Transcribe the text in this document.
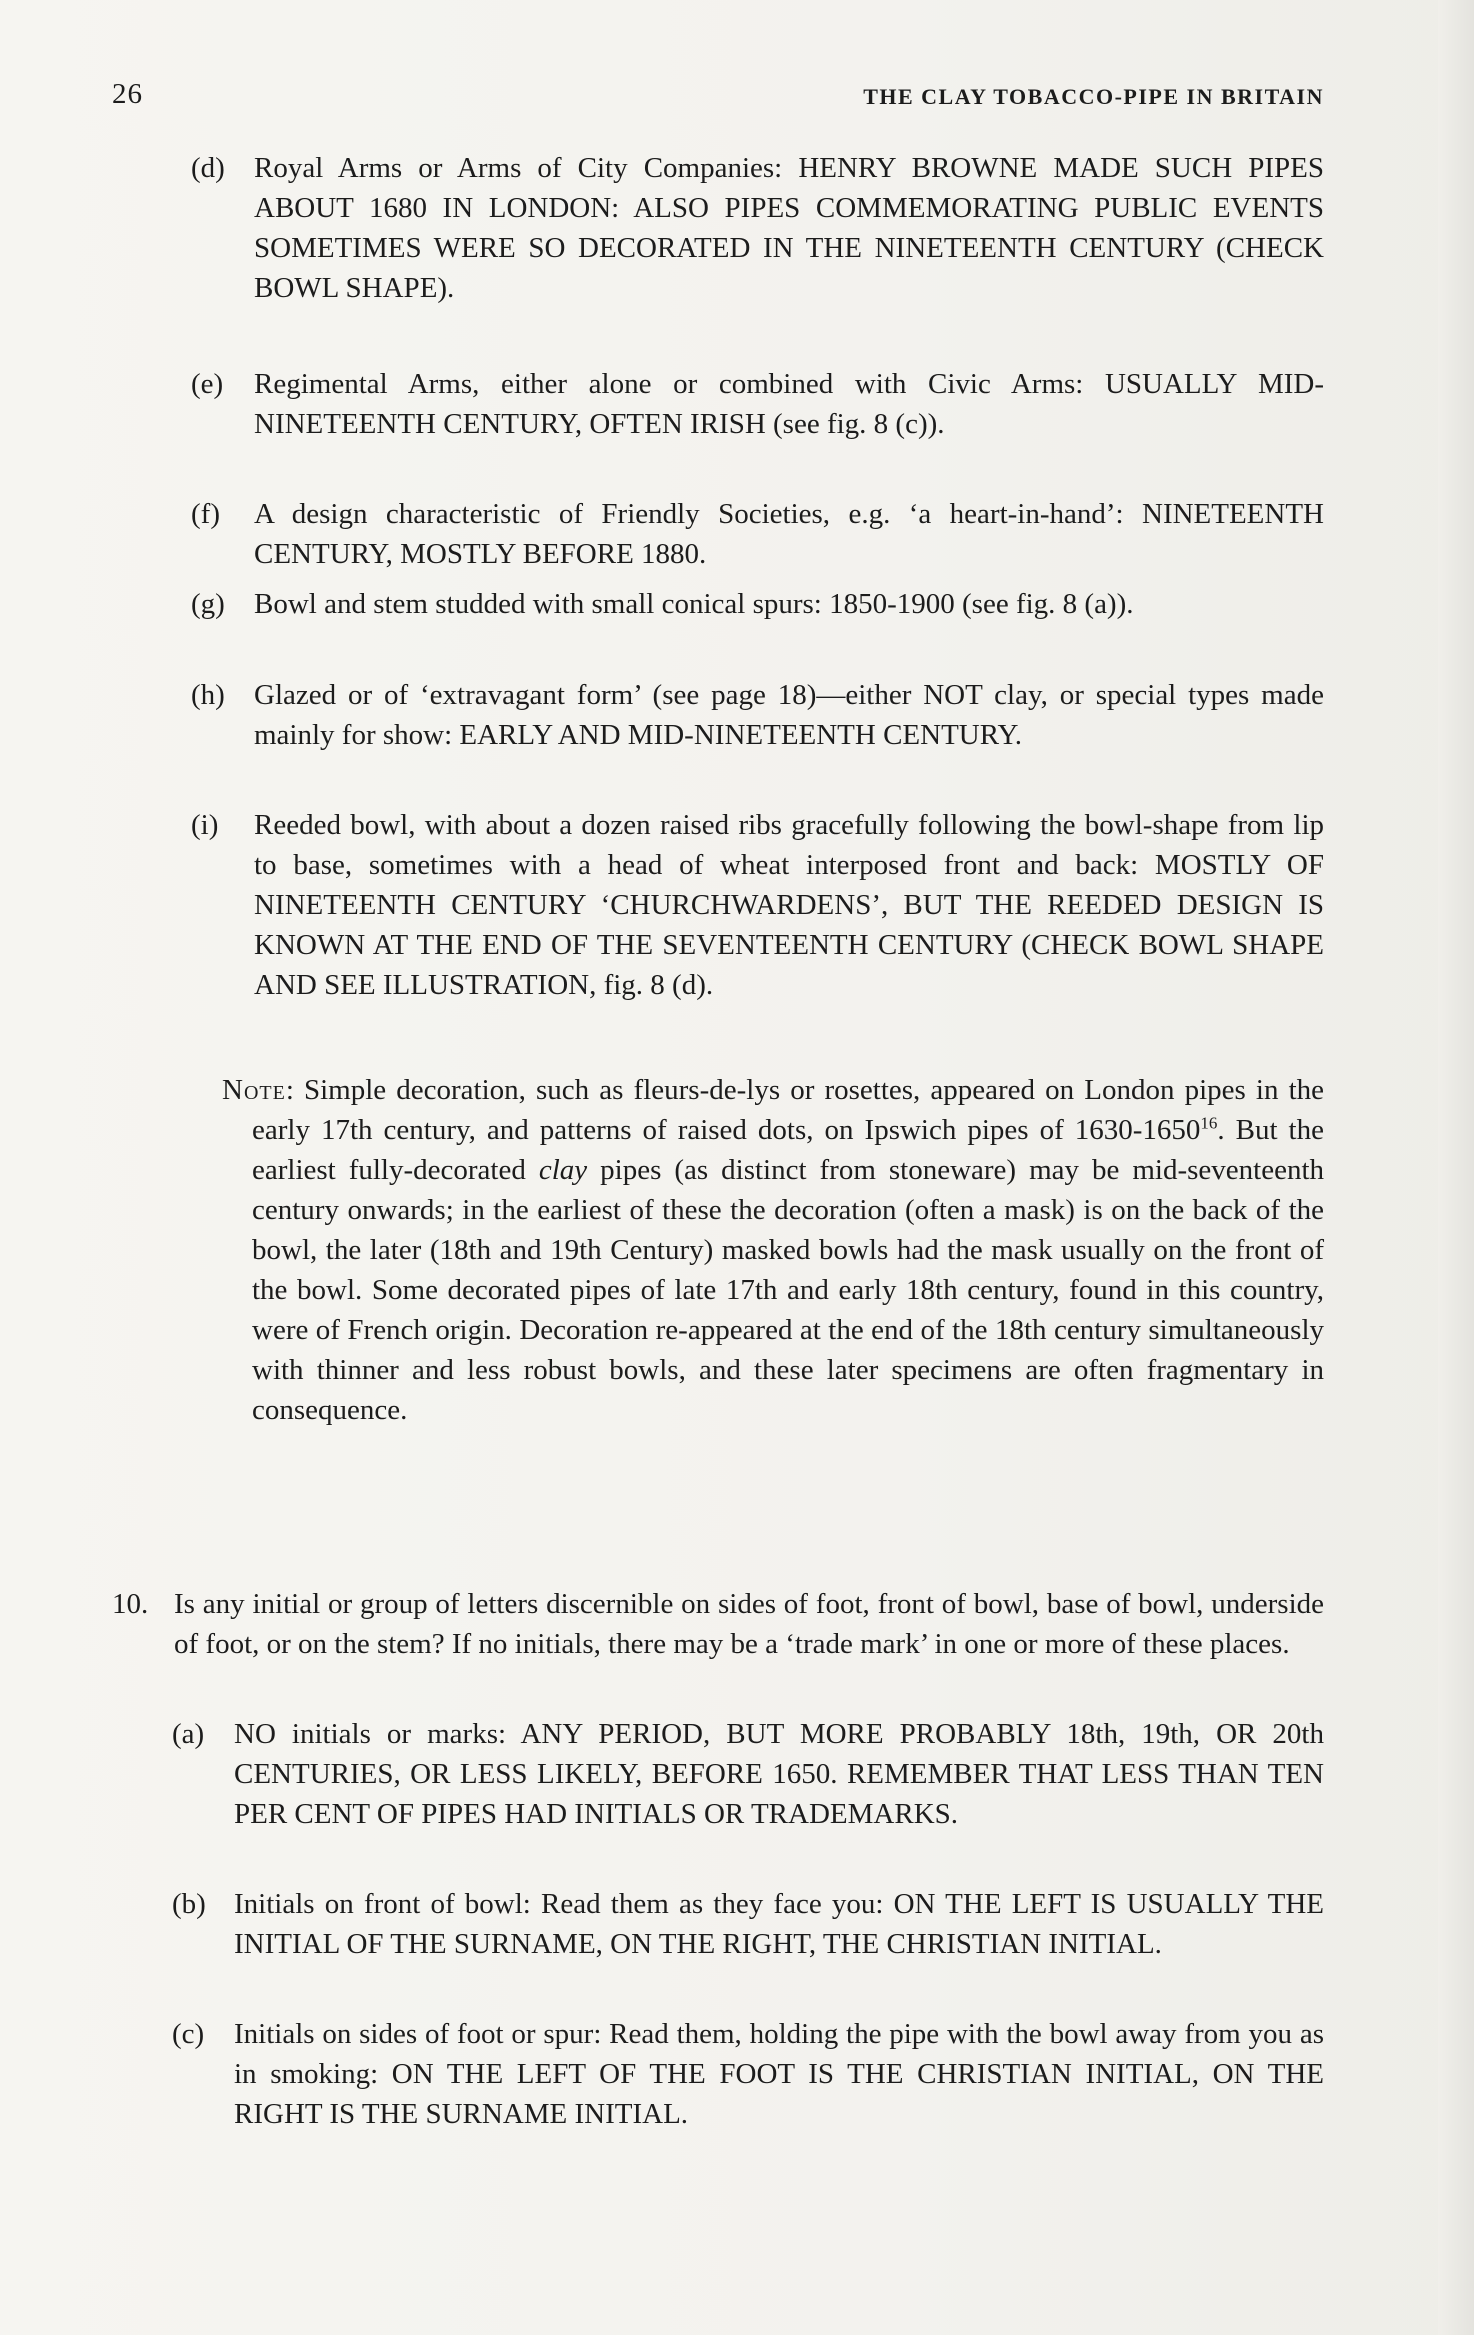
26	THE CLAY TOBACCO-PIPE IN BRITAIN
(d) Royal Arms or Arms of City Companies: HENRY BROWNE MADE SUCH PIPES ABOUT 1680 IN LONDON: ALSO PIPES COMMEMORATING PUBLIC EVENTS SOMETIMES WERE SO DECORATED IN THE NINETEENTH CENTURY (CHECK BOWL SHAPE).
(e) Regimental Arms, either alone or combined with Civic Arms: USUALLY MID-NINETEENTH CENTURY, OFTEN IRISH (see fig. 8 (c)).
(f) A design characteristic of Friendly Societies, e.g. ‘a heart-in-hand’: NINETEENTH CENTURY, MOSTLY BEFORE 1880.
(g) Bowl and stem studded with small conical spurs: 1850-1900 (see fig. 8 (a)).
(h) Glazed or of ‘extravagant form’ (see page 18)—either NOT clay, or special types made mainly for show: EARLY AND MID-NINETEENTH CENTURY.
(i) Reeded bowl, with about a dozen raised ribs gracefully following the bowl-shape from lip to base, sometimes with a head of wheat interposed front and back: MOSTLY OF NINETEENTH CENTURY ‘CHURCHWARDENS’, BUT THE REEDED DESIGN IS KNOWN AT THE END OF THE SEVENTEENTH CENTURY (CHECK BOWL SHAPE AND SEE ILLUSTRATION, fig. 8 (d).
Note: Simple decoration, such as fleurs-de-lys or rosettes, appeared on London pipes in the early 17th century, and patterns of raised dots, on Ipswich pipes of 1630-1650$^{16}$. But the earliest fully-decorated clay pipes (as distinct from stoneware) may be mid-seventeenth century onwards; in the earliest of these the decoration (often a mask) is on the back of the bowl, the later (18th and 19th Century) masked bowls had the mask usually on the front of the bowl. Some decorated pipes of late 17th and early 18th century, found in this country, were of French origin. Decoration re-appeared at the end of the 18th century simultaneously with thinner and less robust bowls, and these later specimens are often fragmentary in consequence.
10. Is any initial or group of letters discernible on sides of foot, front of bowl, base of bowl, underside of foot, or on the stem? If no initials, there may be a ‘trade mark’ in one or more of these places.
(a) NO initials or marks: ANY PERIOD, BUT MORE PROBABLY 18th, 19th, OR 20th CENTURIES, OR LESS LIKELY, BEFORE 1650. REMEMBER THAT LESS THAN TEN PER CENT OF PIPES HAD INITIALS OR TRADEMARKS.
(b) Initials on front of bowl: Read them as they face you: ON THE LEFT IS USUALLY THE INITIAL OF THE SURNAME, ON THE RIGHT, THE CHRISTIAN INITIAL.
(c) Initials on sides of foot or spur: Read them, holding the pipe with the bowl away from you as in smoking: ON THE LEFT OF THE FOOT IS THE CHRISTIAN INITIAL, ON THE RIGHT IS THE SURNAME INITIAL.
